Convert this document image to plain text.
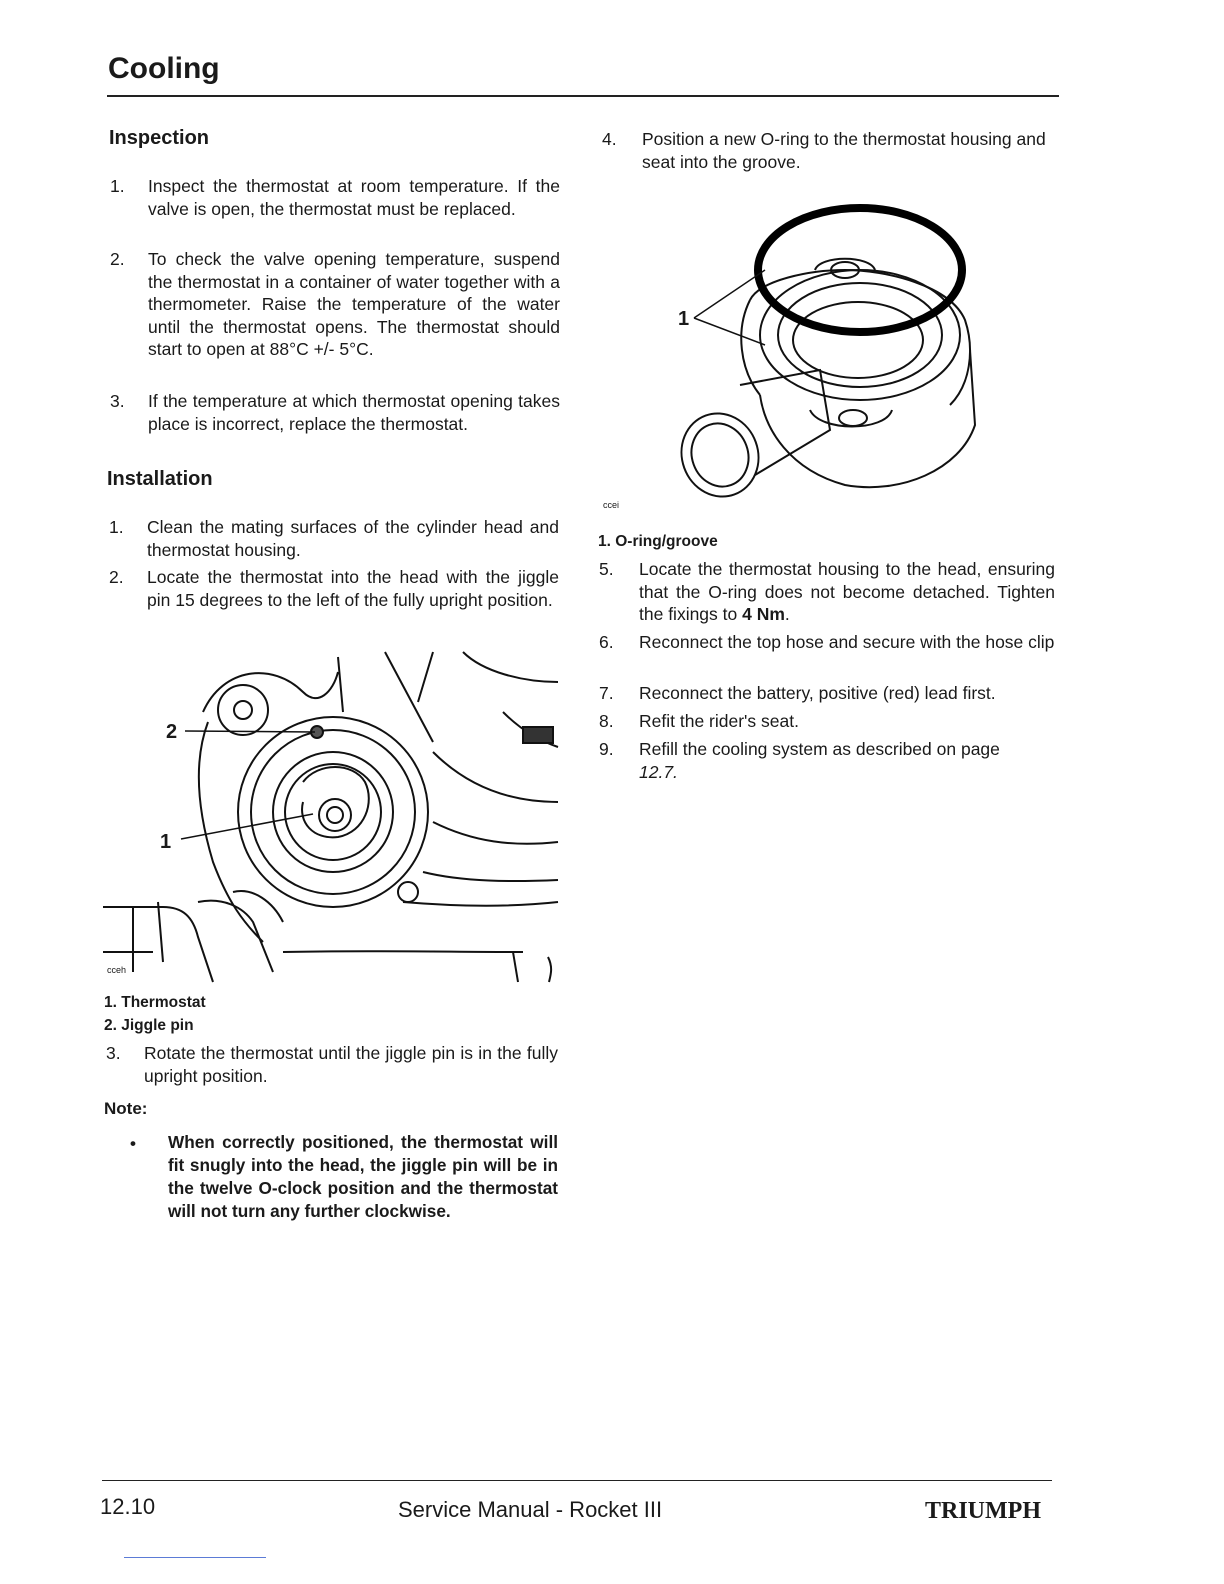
Cooling
Inspection
1. Inspect the thermostat at room temperature. If the valve is open, the thermostat must be replaced.
2. To check the valve opening temperature, suspend the thermostat in a container of water together with a thermometer. Raise the temperature of the water until the thermostat opens. The thermostat should start to open at 88°C +/- 5°C.
3. If the temperature at which thermostat opening takes place is incorrect, replace the thermostat.
Installation
1. Clean the mating surfaces of the cylinder head and thermostat housing.
2. Locate the thermostat into the head with the jiggle pin 15 degrees to the left of the fully upright position.
2
1
cceh
1. Thermostat
2. Jiggle pin
3. Rotate the thermostat until the jiggle pin is in the fully upright position.
Note:
• When correctly positioned, the thermostat will fit snugly into the head, the jiggle pin will be in the twelve O-clock position and the thermostat will not turn any further clockwise.
4. Position a new O-ring to the thermostat housing and seat into the groove.
1
ccei
1. O-ring/groove
5. Locate the thermostat housing to the head, ensuring that the O-ring does not become detached. Tighten the fixings to 4 Nm.
6. Reconnect the top hose and secure with the hose clip
7. Reconnect the battery, positive (red) lead first.
8. Refit the rider's seat.
9. Refill the cooling system as described on page
12.7.
12.10	Service Manual - Rocket III	TRIUMPH
